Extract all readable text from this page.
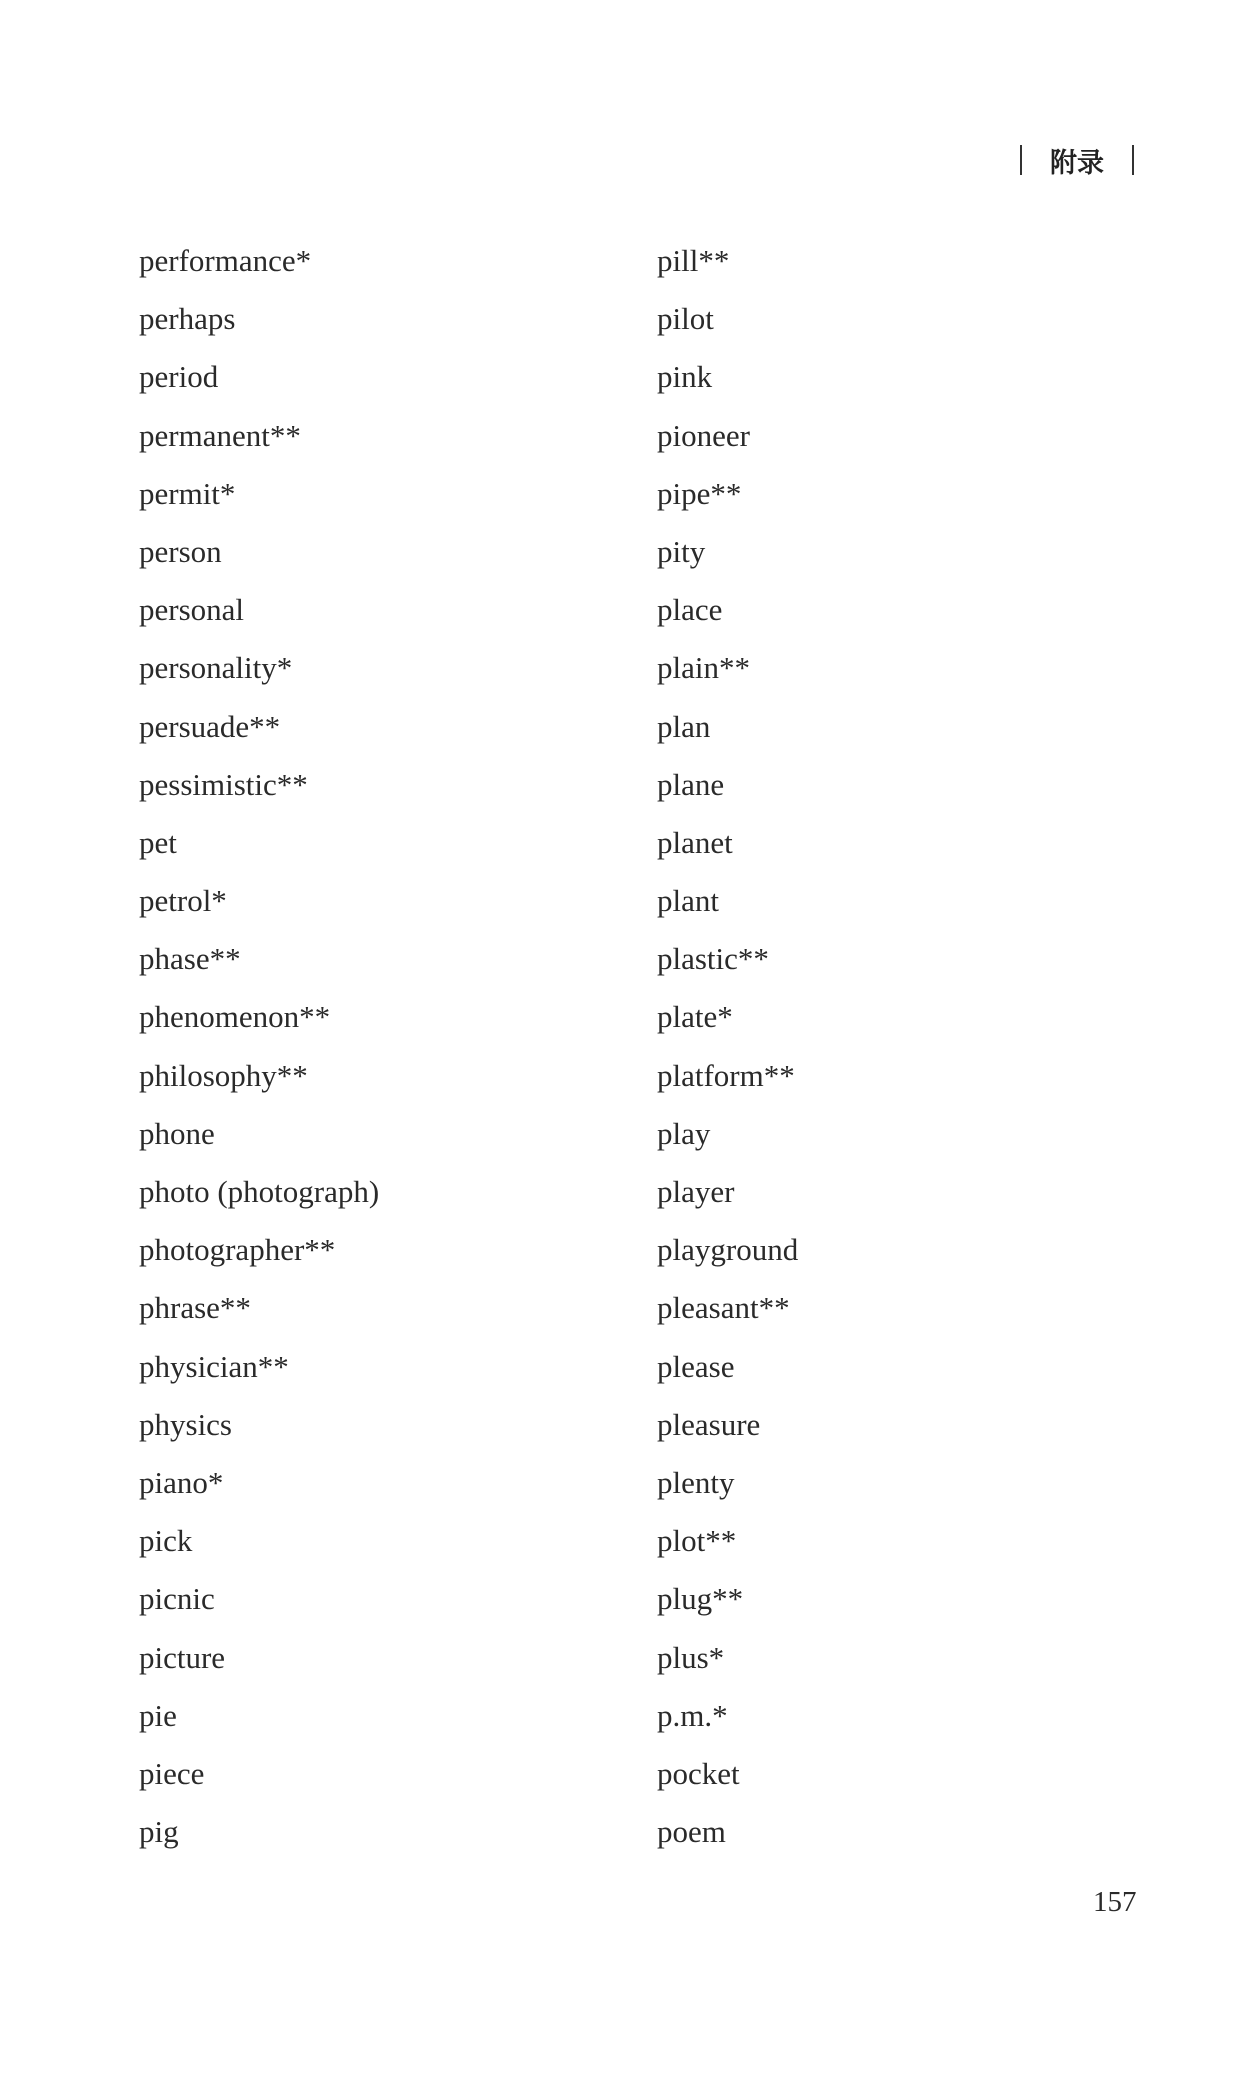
附录
performance*
perhaps
period
permanent**
permit*
person
personal
personality*
persuade**
pessimistic**
pet
petrol*
phase**
phenomenon**
philosophy**
phone
photo (photograph)
photographer**
phrase**
physician**
physics
piano*
pick
picnic
picture
pie
piece
pig
pill**
pilot
pink
pioneer
pipe**
pity
place
plain**
plan
plane
planet
plant
plastic**
plate*
platform**
play
player
playground
pleasant**
please
pleasure
plenty
plot**
plug**
plus*
p.m.*
pocket
poem
157
